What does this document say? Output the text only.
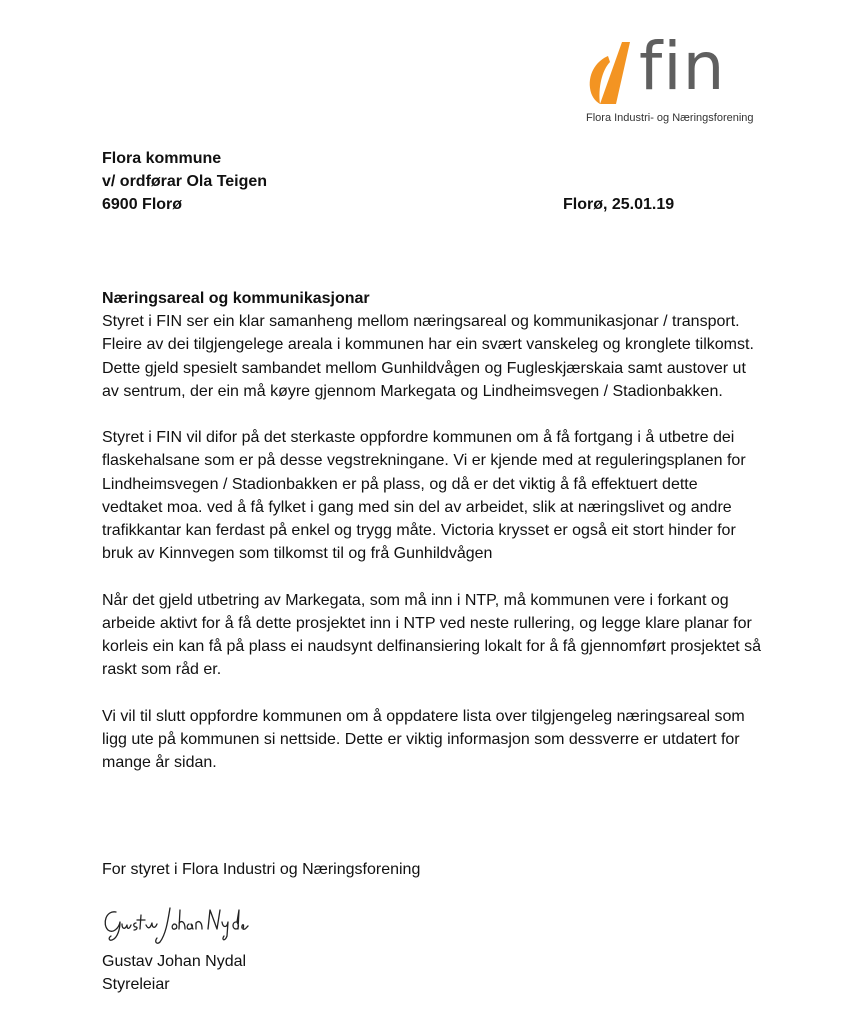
fin
Flora Industri- og Næringsforening
Flora kommune
v/ ordførar Ola Teigen
6900 Florø	Florø, 25.01.19
Næringsareal og kommunikasjonar

Styret i FIN ser ein klar samanheng mellom næringsareal og kommunikasjonar / transport. Fleire av dei tilgjengelege areala i kommunen har ein svært vanskeleg og kronglete tilkomst. Dette gjeld spesielt sambandet mellom Gunhildvågen og Fugleskjærskaia samt austover ut av sentrum, der ein må køyre gjennom Markegata og Lindheimsvegen / Stadionbakken.

Styret i FIN vil difor på det sterkaste oppfordre kommunen om å få fortgang i å utbetre dei flaskehalsane som er på desse vegstrekningane. Vi er kjende med at reguleringsplanen for Lindheimsvegen / Stadionbakken er på plass, og då er det viktig å få effektuert dette vedtaket moa. ved å få fylket i gang med sin del av arbeidet, slik at næringslivet og andre trafikkantar kan ferdast på enkel og trygg måte. Victoria krysset er også eit stort hinder for bruk av Kinnvegen som tilkomst til og frå Gunhildvågen

Når det gjeld utbetring av Markegata, som må inn i NTP, må kommunen vere i forkant og arbeide aktivt for å få dette prosjektet inn i NTP ved neste rullering, og legge klare planar for korleis ein kan få på plass ei naudsynt delfinansiering lokalt for å få gjennomført prosjektet så raskt som råd er.

Vi vil til slutt oppfordre kommunen om å oppdatere lista over tilgjengeleg næringsareal som ligg ute på kommunen si nettside. Dette er viktig informasjon som dessverre er utdatert for mange år sidan.

For styret i Flora Industri og Næringsforening
Gustav Johan Nydal
Styreleiar
